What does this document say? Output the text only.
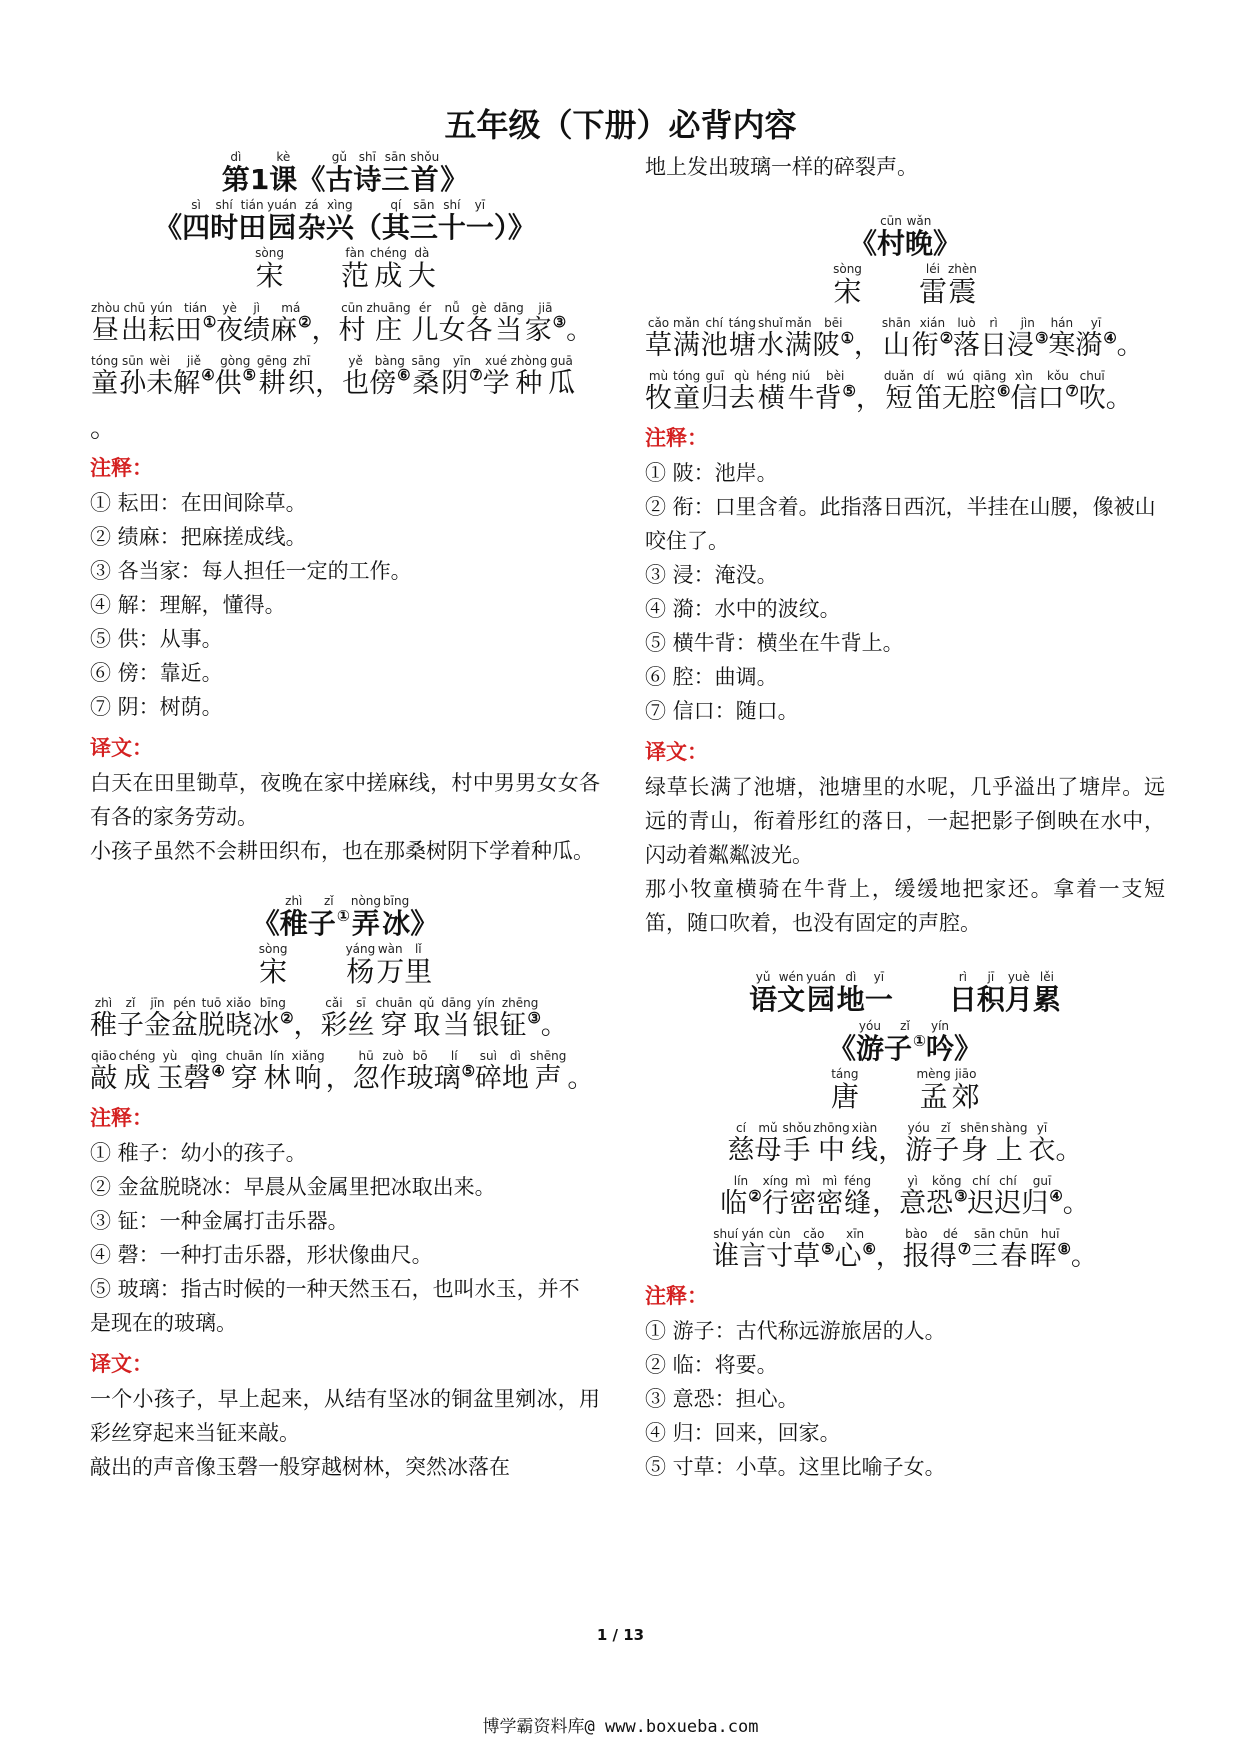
五年级（下册）必背内容
dì
第
1
kè
课
《
gǔ
古
shī
诗
sān
三
shǒu
首
》

《
sì
四
shí
时
tián
田
yuán
园
zá
杂
xìng
兴
（
qí
其
sān
三
shí
十
yī
一
）》
sòng
宋

fàn
范
chéng
成
dà
大
zhòu
昼
chū
出
yún
耘
tián
田①
yè
夜
jì
绩
má
麻②
，
cūn
村
zhuāng
庄
ér
儿
nǚ
女
gè
各
dāng
当
jiā
家③
。
tóng
童
sūn
孙
wèi
未
jiě
解④
gòng
供⑤
gēng
耕
zhī
织
，
yě
也
bàng
傍⑥
sāng
桑
yīn
阴⑦
xué
学
zhòng
种
guā
瓜

。
注释：

① 耘田：在田间除草。

② 绩麻：把麻搓成线。

③ 各当家：每人担任一定的工作。

④ 解：理解，懂得。

⑤ 供：从事。

⑥ 傍：靠近。

⑦ 阴：树荫。

译文：

白天在田里锄草，夜晚在家中搓麻线，村中男男女女各有各的家务劳动。

小孩子虽然不会耕田织布，也在那桑树阴下学着种瓜。

《
zhì
稚
zǐ
子①
nòng
弄
bīng
冰
》
sòng
宋

yáng
杨
wàn
万
lǐ
里
zhì
稚
zǐ
子
jīn
金
pén
盆
tuō
脱
xiǎo
晓
bīng
冰②
，
cǎi
彩
sī
丝
chuān
穿
qǔ
取
dāng
当
yín
银
zhēng
钲③
。
qiāo
敲
chéng
成
yù
玉
qìng
磬④
chuān
穿
lín
林
xiǎng
响
，
hū
忽
zuò
作
bō
玻
lí
璃⑤
suì
碎
dì
地
shēng
声
。
注释：

① 稚子：幼小的孩子。

② 金盆脱晓冰：早晨从金属里把冰取出来。

③ 钲：一种金属打击乐器。

④ 磬：一种打击乐器，形状像曲尺。

⑤ 玻璃：指古时候的一种天然玉石，也叫水玉，并不是现在的玻璃。

译文：

一个小孩子，早上起来，从结有坚冰的铜盆里剜冰，用彩丝穿起来当钲来敲。

敲出的声音像玉磬一般穿越树林，突然冰落在

地上发出玻璃一样的碎裂声。

《
cūn
村
wǎn
晚
》
sòng
宋

léi
雷
zhèn
震
cǎo
草
mǎn
满
chí
池
táng
塘
shuǐ
水
mǎn
满
bēi
陂①
，
shān
山
xián
衔②
luò
落
rì
日
jìn
浸③
hán
寒
yī
漪④
。
mù
牧
tóng
童
guī
归
qù
去
héng
横
niú
牛
bèi
背⑤
，
duǎn
短
dí
笛
wú
无
qiāng
腔⑥
xìn
信
kǒu
口⑦
chuī
吹
。
注释：

① 陂：池岸。

② 衔：口里含着。此指落日西沉，半挂在山腰，像被山咬住了。

③ 浸：淹没。

④ 漪：水中的波纹。

⑤ 横牛背：横坐在牛背上。

⑥ 腔：曲调。

⑦ 信口：随口。

译文：

绿草长满了池塘，池塘里的水呢，几乎溢出了塘岸。远远的青山，衔着彤红的落日，一起把影子倒映在水中，闪动着粼粼波光。

那小牧童横骑在牛背上，缓缓地把家还。拿着一支短笛，随口吹着，也没有固定的声腔。

yǔ
语
wén
文
yuán
园
dì
地
yī
一

rì
日
jī
积
yuè
月
lěi
累

《
yóu
游
zǐ
子①
yín
吟
》
táng
唐

mèng
孟
jiāo
郊
cí
慈
mǔ
母
shǒu
手
zhōng
中
xiàn
线
，
yóu
游
zǐ
子
shēn
身
shàng
上
yī
衣
。
lín
临②
xíng
行
mì
密
mì
密
féng
缝
，
yì
意
kǒng
恐③
chí
迟
chí
迟
guī
归④
。
shuí
谁
yán
言
cùn
寸
cǎo
草⑤
xīn
心⑥
，
bào
报
dé
得⑦
sān
三
chūn
春
huī
晖⑧
。
注释：

① 游子：古代称远游旅居的人。

② 临：将要。

③ 意恐：担心。

④ 归：回来，回家。

⑤ 寸草：小草。这里比喻子女。

1 / 13
博学霸资料库@ www.boxueba.com
